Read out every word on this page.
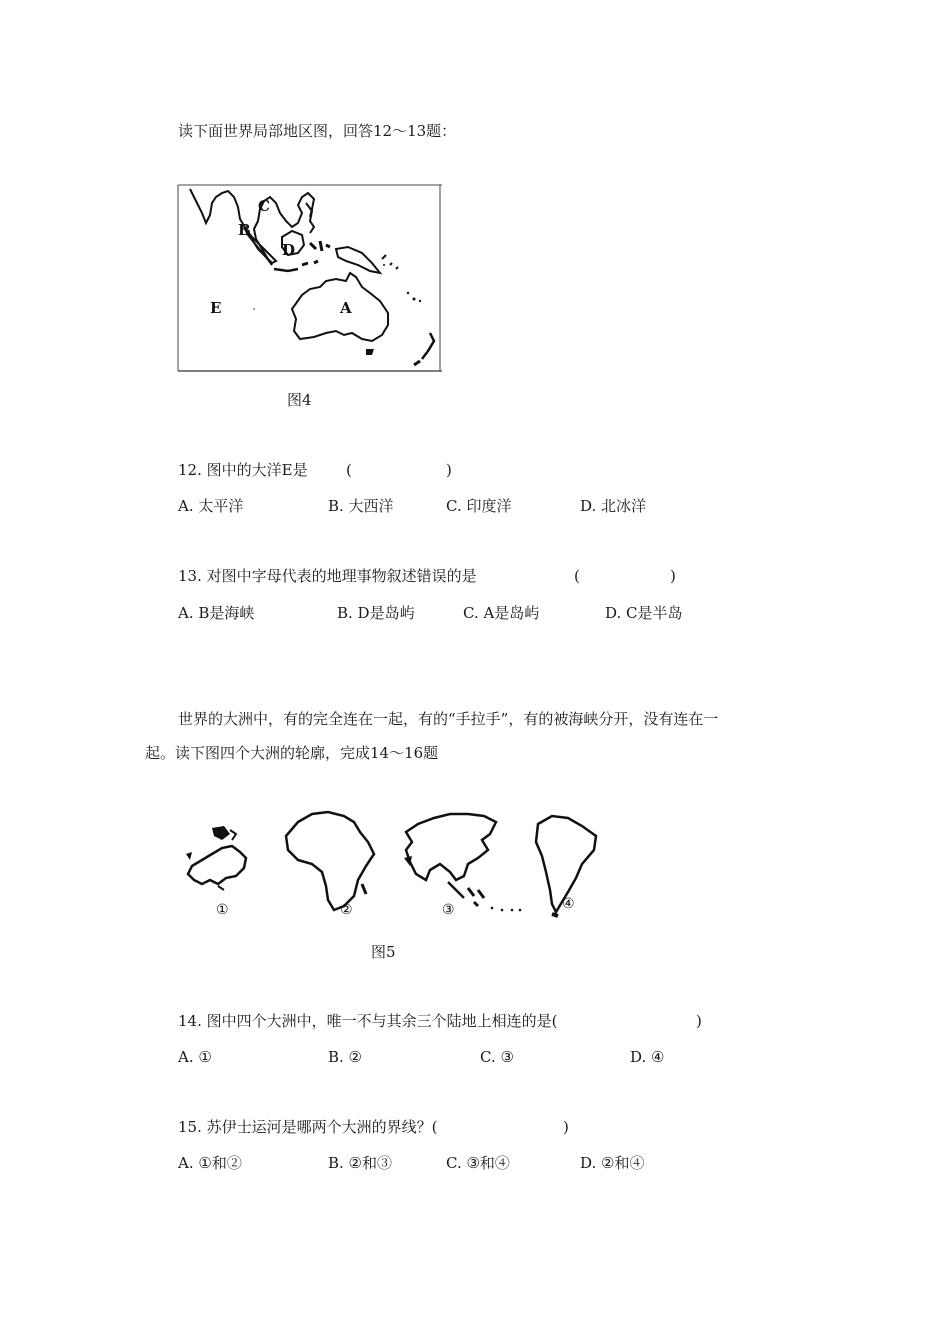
读下面世界局部地区图，回答12～13题：
C
B
D
E	A
图4
12. 图中的大洋E是	(	)
A. 太平洋	B. 大西洋	C. 印度洋	D. 北冰洋
13. 对图中字母代表的地理事物叙述错误的是	(	)
A. B是海峡	B. D是岛屿	C. A是岛屿	D. C是半岛
世界的大洲中，有的完全连在一起，有的“手拉手”，有的被海峡分开，没有连在一
起。读下图四个大洲的轮廓，完成14～16题
①	②	③	④
图5
14. 图中四个大洲中，唯一不与其余三个陆地上相连的是(	)
A. ①	B. ②	C. ③	D. ④
15. 苏伊士运河是哪两个大洲的界线？(	)
A. ①和②	B. ②和③	C. ③和④	D. ②和④
